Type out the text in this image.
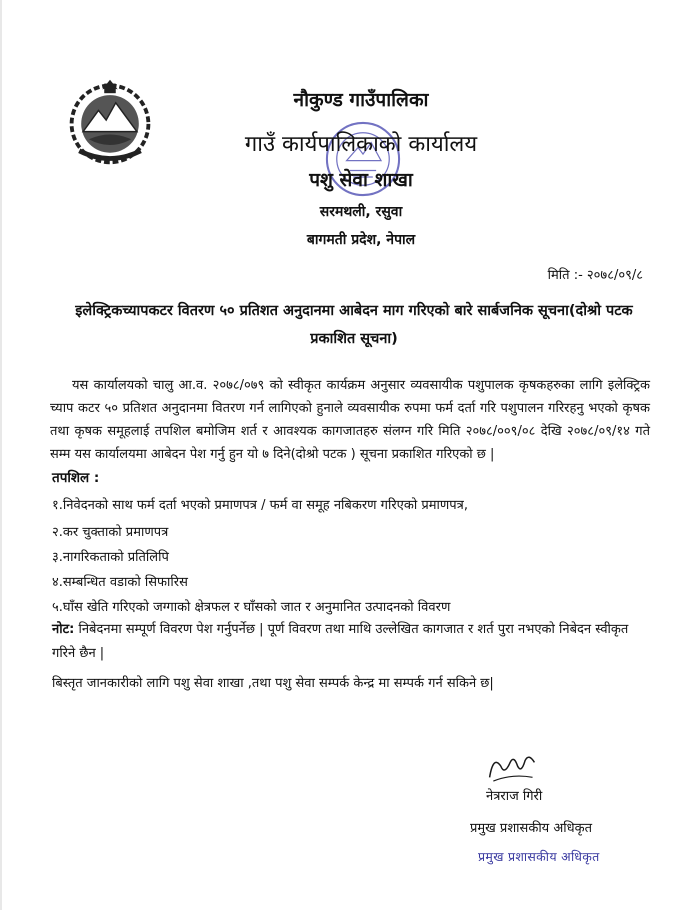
नौकुण्ड गाउँपालिका
गाउँ कार्यपालिकाको कार्यालय
पशु सेवा शाखा
सरमथली, रसुवा
बागमती प्रदेश, नेपाल
मिति :- २०७८/०९/८
इलेक्ट्रिकच्यापकटर वितरण ५० प्रतिशत अनुदानमा आबेदन माग गरिएको बारे सार्बजनिक सूचना(दोश्रो पटक प्रकाशित सूचना)

यस कार्यालयको चालु आ.व. २०७८/०७९ को स्वीकृत कार्यक्रम अनुसार व्यवसायीक पशुपालक कृषकहरुका लागि इलेक्ट्रिक च्याप कटर ५० प्रतिशत अनुदानमा वितरण गर्न लागिएको हुनाले व्यवसायीक रुपमा फर्म दर्ता गरि पशुपालन गरिरहनु भएको कृषक तथा कृषक समूहलाई तपशिल बमोजिम शर्त र आवश्यक कागजातहरु संलग्न गरि मिति २०७८/००९/०८ देखि २०७८/०९/१४ गते सम्म यस कार्यालयमा आबेदन पेश गर्नु हुन यो ७ दिने(दोश्रो पटक ) सूचना प्रकाशित गरिएको छ |

तपशिल :
१.निवेदनको साथ फर्म दर्ता भएको प्रमाणपत्र / फर्म वा समूह नबिकरण गरिएको प्रमाणपत्र,
२.कर चुक्ताको प्रमाणपत्र
३.नागरिकताको प्रतिलिपि
४.सम्बन्धित वडाको सिफारिस
५.घाँस खेति गरिएको जग्गाको क्षेत्रफल र घाँसको जात र अनुमानित उत्पादनको विवरण
नोट: निबेदनमा सम्पूर्ण विवरण पेश गर्नुपर्नेछ | पूर्ण विवरण तथा माथि उल्लेखित कागजात र शर्त पुरा नभएको निबेदन स्वीकृत गरिने छैन |
बिस्तृत जानकारीको लागि पशु सेवा शाखा ,तथा पशु सेवा सम्पर्क केन्द्र मा सम्पर्क गर्न सकिने छ|
नेत्रराज गिरी
प्रमुख प्रशासकीय अधिकृत
प्रमुख प्रशासकीय अधिकृत
